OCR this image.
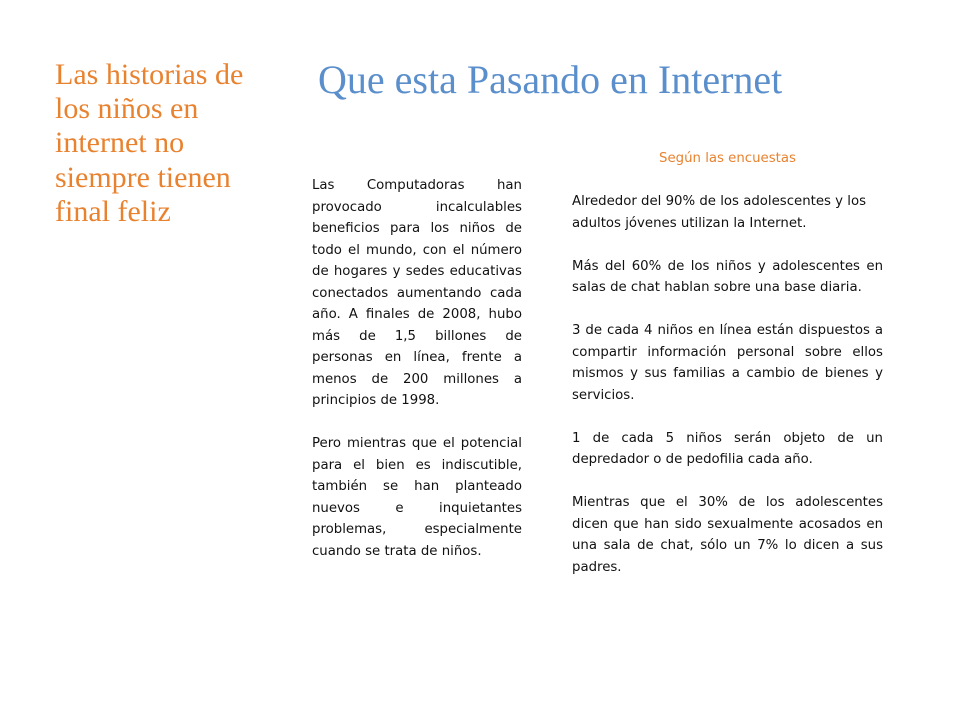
Las historias de los niños en internet no siempre tienen final feliz
Que esta Pasando en Internet

Las Computadoras han provocado incalculables beneficios para los niños de todo el mundo, con el número de hogares y sedes educativas conectados aumentando cada año. A finales de 2008, hubo más de 1,5 billones de personas en línea, frente a menos de 200 millones a principios de 1998.

Pero mientras que el potencial para el bien es indiscutible, también se han planteado nuevos e inquietantes problemas, especialmente cuando se trata de niños.

Según las encuestas

Alrededor del 90% de los adolescentes y los adultos jóvenes utilizan la Internet.

Más del 60% de los niños y adolescentes en salas de chat hablan sobre una base diaria.

3 de cada 4 niños en línea están dispuestos a compartir información personal sobre ellos mismos y sus familias a cambio de bienes y servicios.

1 de cada 5 niños serán objeto de un depredador o de pedofilia cada año.

Mientras que el 30% de los adolescentes dicen que han sido sexualmente acosados en una sala de chat, sólo un 7% lo dicen a sus padres.
